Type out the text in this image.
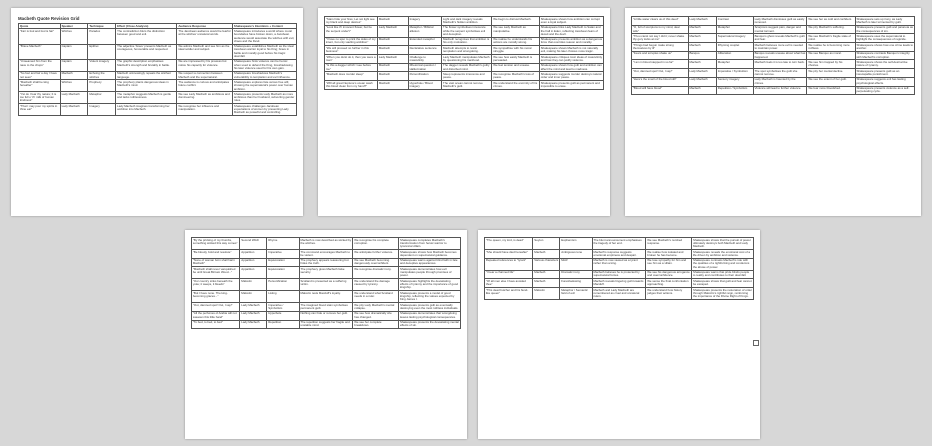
Macbeth Quote Revision Grid
Quote	Speaker	Technique	Effect (Close Analysis)	Audience Response	Shakespeare's Intentions + Context
"Fair is foul and foul is fair"	Witches	Paradox	The contradiction blurs the distinction between good and evil.	The Jacobean audience would be fearful at the witches' unnatural words.	Shakespeare introduces a world where moral boundaries have broken down, a Jacobean audience would associate the witches with evil, chaos and the Devil.
"Brave Macbeth"	Captain	Epithet	The adjective 'brave' presents Macbeth as courageous, honourable and respected.	We admire Macbeth and see him as the ideal soldier and subject.	Shakespeare establishes Macbeth as the ideal Jacobean warrior loyal to his King; brave in battle and morally good before his tragic downfall.
"Unseamed him from the nave to the chops"	Captain	Violent imagery	The graphic description emphasises Macbeth's strength and brutality in battle.	We are impressed by his prowess but notice his capacity for violence.	Shakespeare hints violence can be heroic when used to defend the King, foreshadowing his later violence used for his own gain.
"So foul and fair a day I have not seen"	Macbeth	Echoing the witches	Macbeth unknowingly repeats the witches' language.	We suspect a connection between Macbeth and the supernatural.	Shakespeare foreshadows Macbeth's vulnerability to temptation and evil influence.
"Macbeth shall be king hereafter"	Witches	Prophecy	The prophecy plants dangerous ideas in Macbeth's mind.	The audience is curious and anticipates future conflict.	Shakespeare explores fate versus free will, showing the supernatural's power over human ambition.
"Yet do I fear thy nature; It is too full o' th' milk of human kindness"	Lady Macbeth	Metaphor	The metaphor suggests Macbeth is gentle and lacks ruthlessness.	We see Lady Macbeth as ambitious and domineering.	Shakespeare presents Lady Macbeth as more ambitious than her husband, subverting gender roles.
"That I may pour my spirits in thine ear"	Lady Macbeth	Imagery	Lady Macbeth imagines transforming her ambition into Macbeth.	We recognise her influence and manipulation.	Shakespeare challenges Jacobean expectations of women by presenting Lady Macbeth as powerful and controlling.
"Stars hide your fires; Let not light see my black and deep desires"	Macbeth	Imagery	Light and dark imagery reveals Macbeth's hidden ambition.	We begin to distrust Macbeth.	Shakespeare shows how ambition can corrupt even a loyal subject.
"Look like th' innocent flower, but be the serpent under't"	Lady Macbeth	Metaphor / Biblical allusion	The flower symbolises innocence while the serpent symbolises evil and deception.	We see Lady Macbeth as manipulative.	Shakespeare links Lady Macbeth to Satan and the Fall in Eden, reflecting Jacobean fears of deceit and the devil.
"I have no spur to prick the sides of my intent, but only vaulting ambition"	Macbeth	Extended metaphor	Macbeth recognises that ambition is his only motivation.	We realise he understands his actions are morally wrong.	Shakespeare presents ambition as a dangerous force that overrides reason and morality.
"We will proceed no further in this business"	Macbeth	Declarative sentence	Macbeth attempts to resist temptation and wrongdoing.	We sympathise with his moral struggle.	Shakespeare shows Macbeth is not naturally evil, making his later choices more tragic.
"When you durst do it, then you were a man"	Lady Macbeth	Challenge to masculinity	Lady Macbeth manipulates Macbeth by questioning his manhood.	We see how easily Macbeth is persuaded.	Shakespeare critiques toxic ideas of masculinity and how they can justify violence.
"Is this a dagger which I see before me"	Macbeth	Rhetorical question / Hallucination	The dagger reveals Macbeth's guilty and disturbed mind.	We feel tension and unease.	Shakespeare shows how guilt and ambition can affect the mind and lead to madness.
"Macbeth does murder sleep"	Macbeth	Personification	Sleep represents innocence and peace.	We recognise Macbeth's loss of peace.	Shakespeare suggests murder destroys natural order and inner peace.
"Will all great Neptune's ocean wash this blood clean from my hand?"	Macbeth	Hyperbole / Blood imagery	The vast ocean cannot remove Macbeth's guilt.	We understand the enormity of his crimes.	Shakespeare presents guilt as permanent and impossible to erase.
"A little water clears us of this deed"	Lady Macbeth	Contrast	Lady Macbeth dismisses guilt as easily removed.	We see her as cold and confident.	Shakespeare sets up irony, as Lady Macbeth is later tormented by guilt.
"O, full of scorpions is my mind, dear wife"	Macbeth	Metaphor	Scorpions suggest pain, danger and mental torment.	We pity Macbeth's suffering.	Shakespeare presents guilt and paranoia as the consequences of sin.
"Thou canst not say I did it; never shake thy gory locks at me"	Macbeth	Supernatural imagery	Banquo's ghost reveals Macbeth's guilt and fear.	We see Macbeth's fragile state of mind.	Shakespeare uses the supernatural to highlight the consequences of regicide.
"Things bad begun make strong themselves by ill"	Macbeth	Rhyming couplet	Macbeth believes more evil is needed to maintain power.	We realise he is becoming more ruthless.	Shakespeare shows how one crime leads to another.
"Fears and scruples shake us"	Banquo	Alliteration	Banquo reveals unease about what has happened.	We see Banquo as moral.	Shakespeare contrasts Banquo's integrity with Macbeth's corruption.
"I am in blood stepped in so far"	Macbeth	Metaphor	Macbeth feels it is too late to turn back.	We see him trapped by his choices.	Shakespeare shows the self-destructive nature of tyranny.
"Out, damned spot! Out, I say!"	Lady Macbeth	Imperative / Symbolism	The spot symbolises the guilt she cannot remove.	We pity her mental decline.	Shakespeare presents guilt as an inescapable punishment.
"Here's the smell of the blood still"	Lady Macbeth	Sensory imagery	Lady Macbeth is haunted by the crimes.	We see the extent of her guilt.	Shakespeare suggests evil has lasting psychological effects.
"Blood will have blood"	Macbeth	Repetition / Symbolism	Violence will lead to further violence.	We fear more bloodshed.	Shakespeare presents violence as a self-perpetuating cycle.
"By the pricking of my thumbs, something wicked this way comes"	Second Witch	Rhyme	Macbeth is now described as wicked by the witches.	We recognise his complete corruption.	Shakespeare completes Macbeth's transformation from heroic warrior to tyrannical villain.
"Be bloody, bold and resolute"	Apparition	Imperative	The command encourages Macbeth to be violent.	We anticipate further violence.	Shakespeare shows how Macbeth becomes dependent on supernatural guidance.
"None of woman born shall harm Macbeth"	Apparition	Equivocation	The prophecy appears reassuring but hides the truth.	We see Macbeth becoming dangerously overconfident.	Shakespeare warns against blind faith in fate and deceptive appearances.
"Macbeth shall never vanquished be until Great Birnam Wood..."	Apparition	Equivocation	The prophecy gives Macbeth false security.	We recognise dramatic irony.	Shakespeare demonstrates how evil manipulates people through promises of power.
"Our country sinks beneath the yoke; it weeps, it bleeds"	Malcolm	Personification	Scotland is presented as a suffering victim.	We understand the damage caused by tyranny.	Shakespeare highlights the devastating effects of tyranny and the importance of good kingship.
"But I have none. The king-becoming graces..."	Malcolm	Listing	Malcolm tests Macduff's loyalty.	We understand what Scotland needs in a ruler.	Shakespeare presents a model of good kingship, reflecting the values expected by King James I.
"Out, damned spot! Out, I say!"	Lady Macbeth	Imperative / Symbolism	The imagined blood stain symbolises permanent guilt.	We pity Lady Macbeth's mental collapse.	Shakespeare presents guilt as eventually destroying even the most ruthless individuals.
"All the perfumes of Arabia will not sweeten this little hand"	Lady Macbeth	Hyperbole	Nothing can hide or remove her guilt.	We see how dramatically she has changed.	Shakespeare demonstrates that wrongdoing leaves lasting psychological consequences.
"To bed, to bed, to bed"	Lady Macbeth	Repetition	The repetition suggests her fragile and unstable mind.	We see her complete breakdown.	Shakespeare presents the devastating mental effects of sin.
"The queen, my lord, is dead"	Seyton	Euphemism	The blunt announcement emphasises the tragedy of her end.	We see Macbeth's numbed response.	Shakespeare shows that the pursuit of power ultimately destroys both Macbeth and Lady Macbeth.
"She should have died hereafter"	Macbeth	Ambiguous tone	Macbeth's response suggests emotional emptiness and despair.	We realise how isolated and broken he has become.	Shakespeare reveals the emotional cost of a life driven by ambition and violence.
Repeated references to "tyrant"	Various characters	Motif	Macbeth is now viewed as a tyrant rather than a king.	We lose sympathy for him and see him as a villain.	Shakespeare contrasts Macbeth's rule with the qualities of a rightful king and condemns the abuse of power.
"I bear a charmed life"	Macbeth	Dramatic irony	Macbeth believes he is protected by supernatural forces.	We see his dangerous arrogance and overconfidence.	Shakespeare warns that pride blinds people to reality and contributes to their downfall.
"Of all men else I have avoided thee"	Macbeth	Foreshadowing	Macbeth reveals lingering guilt towards Macduff.	We sense the final confrontation approaching.	Shakespeare shows that guilt and fear cannot be escaped.
"This dead butcher and his fiend-like queen"	Malcolm	Metaphor / Semantic field of evil	Macbeth and Lady Macbeth are remembered as cruel and unnatural rulers.	We understand how history judges their actions.	Shakespeare presents the restoration of order through Malcolm's rightful reign, reinforcing the importance of the Divine Right of Kings.
